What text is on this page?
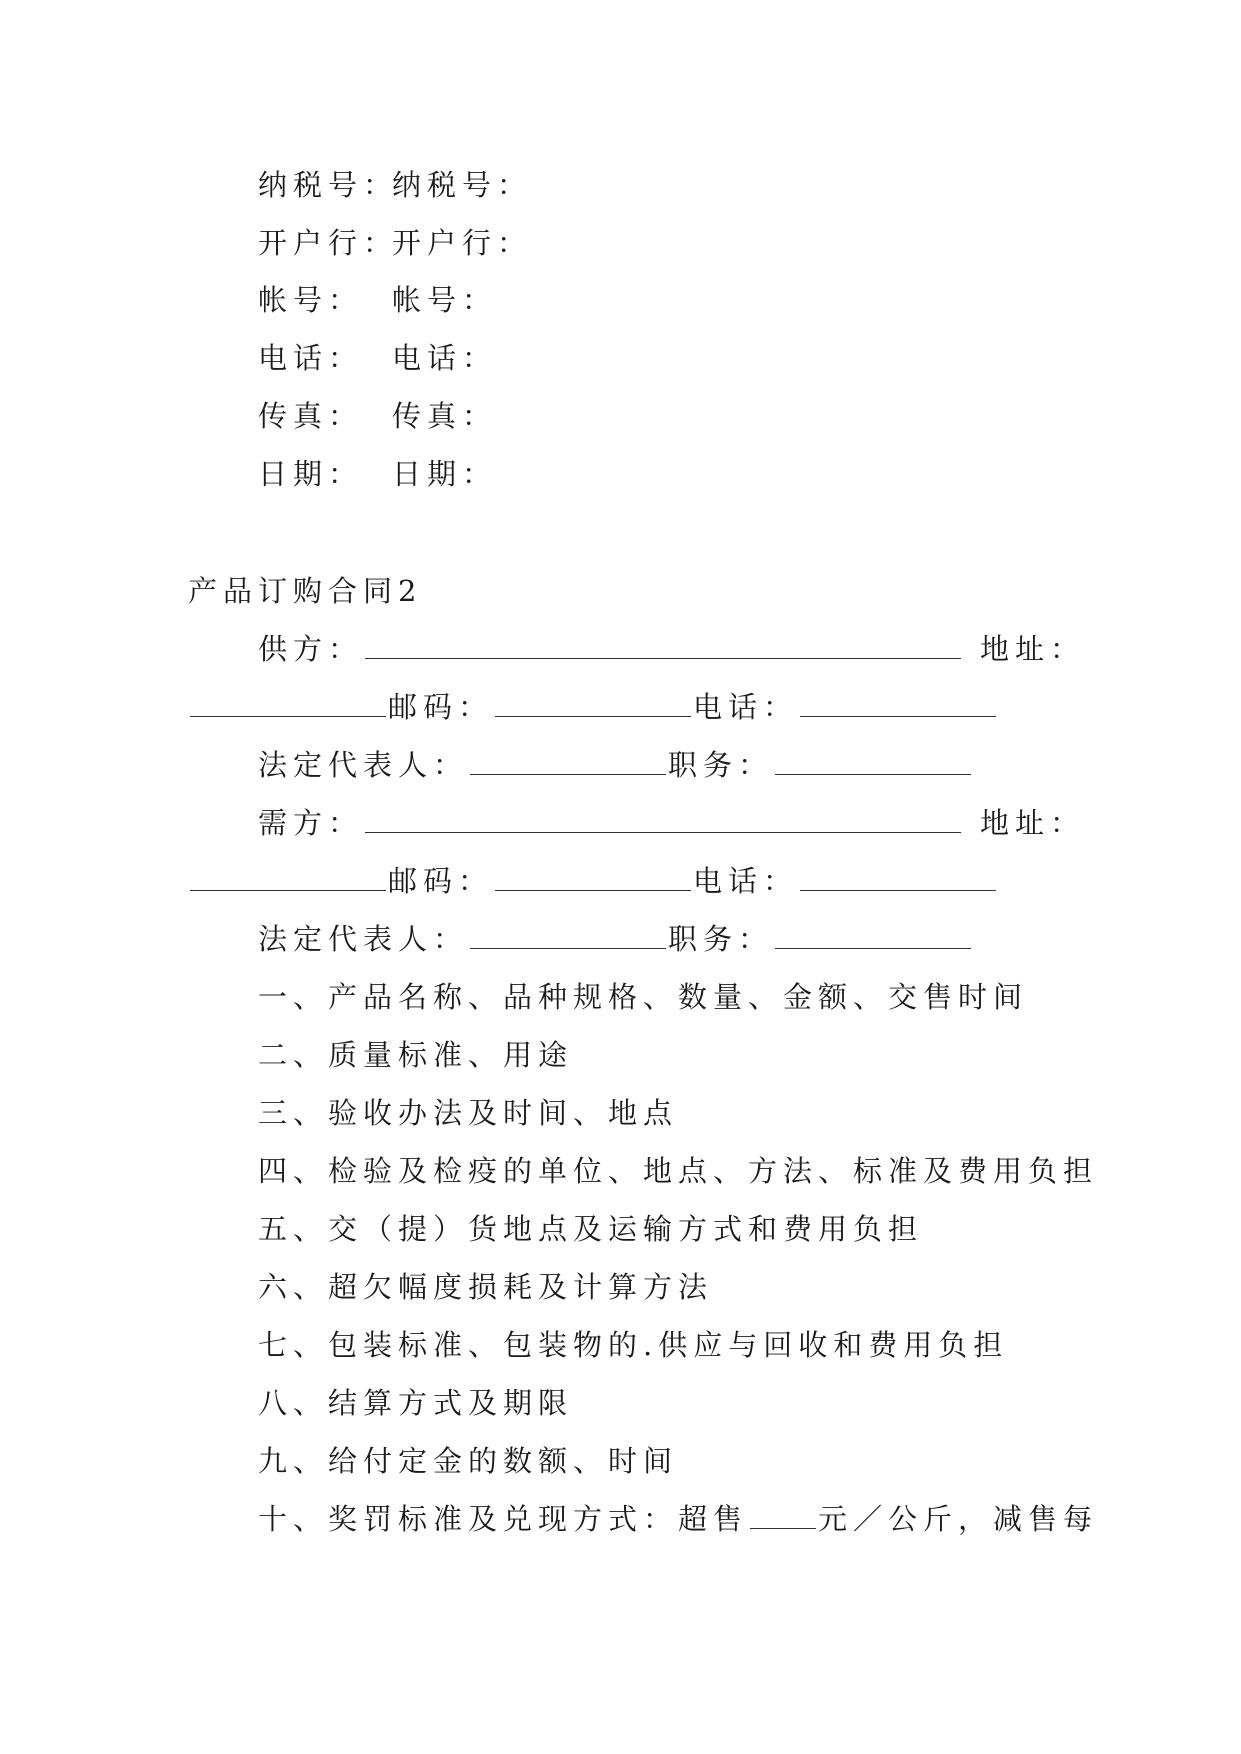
纳税号：纳税号：
开户行：开户行：
帐号： 帐号：
电话： 电话：
传真： 传真：
日期： 日期：
产品订购合同2
供方：	地址：
邮码：	电话：
法定代表人：	职务：
需方：	地址：
邮码：	电话：
法定代表人：	职务：
一、产品名称、品种规格、数量、金额、交售时间
二、质量标准、用途
三、验收办法及时间、地点
四、检验及检疫的单位、地点、方法、标准及费用负担
五、交（提）货地点及运输方式和费用负担
六、超欠幅度损耗及计算方法
七、包装标准、包装物的.供应与回收和费用负担
八、结算方式及期限
九、给付定金的数额、时间
十、奖罚标准及兑现方式：超售 元／公斤，减售每
